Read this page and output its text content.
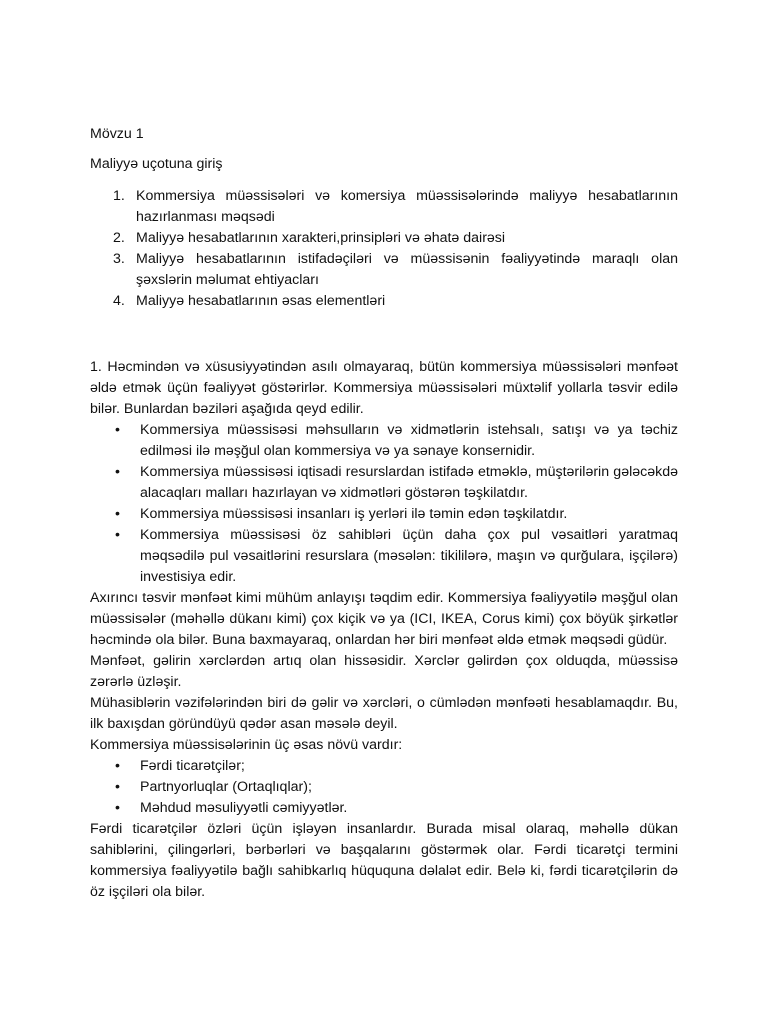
Mövzu 1
Maliyyə uçotuna giriş
1. Kommersiya müəssisələri və komersiya müəssisələrində maliyyə hesabatlarının hazırlanması məqsədi
2. Maliyyə hesabatlarının xarakteri,prinsipləri və əhatə dairəsi
3. Maliyyə hesabatlarının istifadəçiləri və müəssisənin fəaliyyətində maraqlı olan şəxslərin məlumat ehtiyacları
4. Maliyyə hesabatlarının əsas elementləri

1. Həcmindən və xüsusiyyətindən asılı olmayaraq, bütün kommersiya müəssisələri mənfəət əldə etmək üçün fəaliyyət göstərirlər. Kommersiya müəssisələri müxtəlif yollarla təsvir edilə bilər. Bunlardan bəziləri aşağıda qeyd edilir.

• Kommersiya müəssisəsi məhsulların və xidmətlərin istehsalı, satışı və ya təchiz edilməsi ilə məşğul olan kommersiya və ya sənaye konsernidir.
• Kommersiya müəssisəsi iqtisadi resurslardan istifadə etməklə, müştərilərin gələcəkdə alacaqları malları hazırlayan və xidmətləri göstərən təşkilatdır.
• Kommersiya müəssisəsi insanları iş yerləri ilə təmin edən təşkilatdır.
• Kommersiya müəssisəsi öz sahibləri üçün daha çox pul vəsaitləri yaratmaq məqsədilə pul vəsaitlərini resurslara (məsələn: tikililərə, maşın və qurğulara, işçilərə) investisiya edir.

Axırıncı təsvir mənfəət kimi mühüm anlayışı təqdim edir. Kommersiya fəaliyyətilə məşğul olan müəssisələr (məhəllə dükanı kimi) çox kiçik və ya (ICI, IKEA, Corus kimi) çox böyük şirkətlər həcmində ola bilər. Buna baxmayaraq, onlardan hər biri mənfəət əldə etmək məqsədi güdür.

Mənfəət, gəlirin xərclərdən artıq olan hissəsidir. Xərclər gəlirdən çox olduqda, müəssisə zərərlə üzləşir.

Mühasiblərin vəzifələrindən biri də gəlir və xərcləri, o cümlədən mənfəəti hesablamaqdır. Bu, ilk baxışdan göründüyü qədər asan məsələ deyil.

Kommersiya müəssisələrinin üç əsas növü vardır:

• Fərdi ticarətçilər;
• Partnyorluqlar (Ortaqlıqlar);
• Məhdud məsuliyyətli cəmiyyətlər.

Fərdi ticarətçilər özləri üçün işləyən insanlardır. Burada misal olaraq, məhəllə dükan sahiblərini, çilingərləri, bərbərləri və başqalarını göstərmək olar. Fərdi ticarətçi termini kommersiya fəaliyyətilə bağlı sahibkarlıq hüququna dəlalət edir. Belə ki, fərdi ticarətçilərin də öz işçiləri ola bilər.
